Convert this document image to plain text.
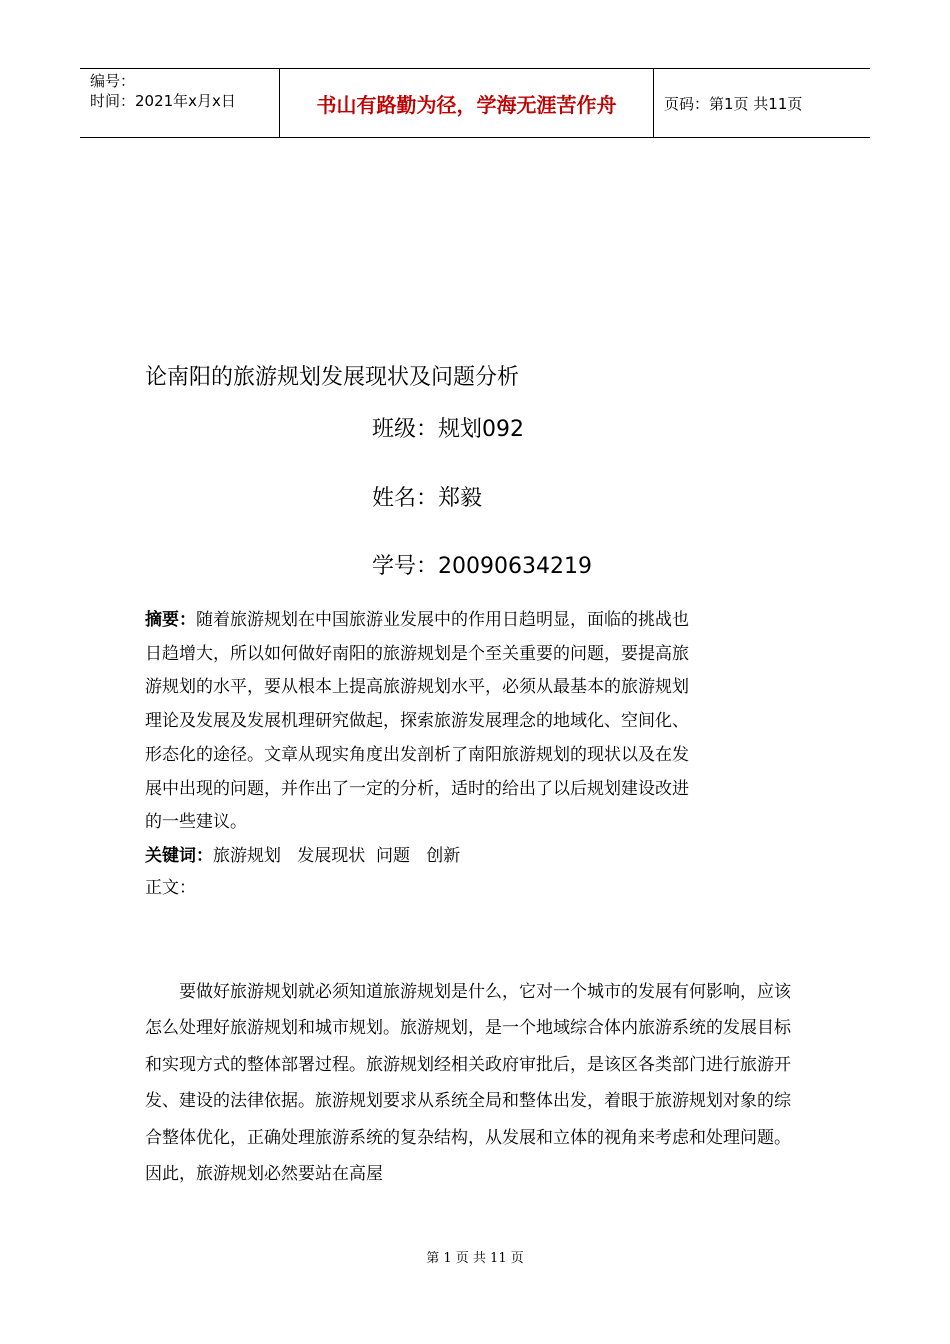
编号：
时间：2021年x月x日	书山有路勤为径，学海无涯苦作舟	页码：第1页 共11页
论南阳的旅游规划发展现状及问题分析
班级：规划092
姓名：郑毅
学号：20090634219

摘要：随着旅游规划在中国旅游业发展中的作用日趋明显，面临的挑战也

日趋增大，所以如何做好南阳的旅游规划是个至关重要的问题，要提高旅

游规划的水平，要从根本上提高旅游规划水平，必须从最基本的旅游规划

理论及发展及发展机理研究做起，探索旅游发展理念的地域化、空间化、

形态化的途径。文章从现实角度出发剖析了南阳旅游规划的现状以及在发

展中出现的问题，并作出了一定的分析，适时的给出了以后规划建设改进

的一些建议。

关键词：旅游规划   发展现状  问题   创新

正文：

要做好旅游规划就必须知道旅游规划是什么，它对一个城市的发展有何影响，应该怎么处理好旅游规划和城市规划。旅游规划，是一个地域综合体内旅游系统的发展目标和实现方式的整体部署过程。旅游规划经相关政府审批后，是该区各类部门进行旅游开发、建设的法律依据。旅游规划要求从系统全局和整体出发，着眼于旅游规划对象的综合整体优化，正确处理旅游系统的复杂结构，从发展和立体的视角来考虑和处理问题。因此，旅游规划必然要站在高屋

第 1 页 共 11 页
